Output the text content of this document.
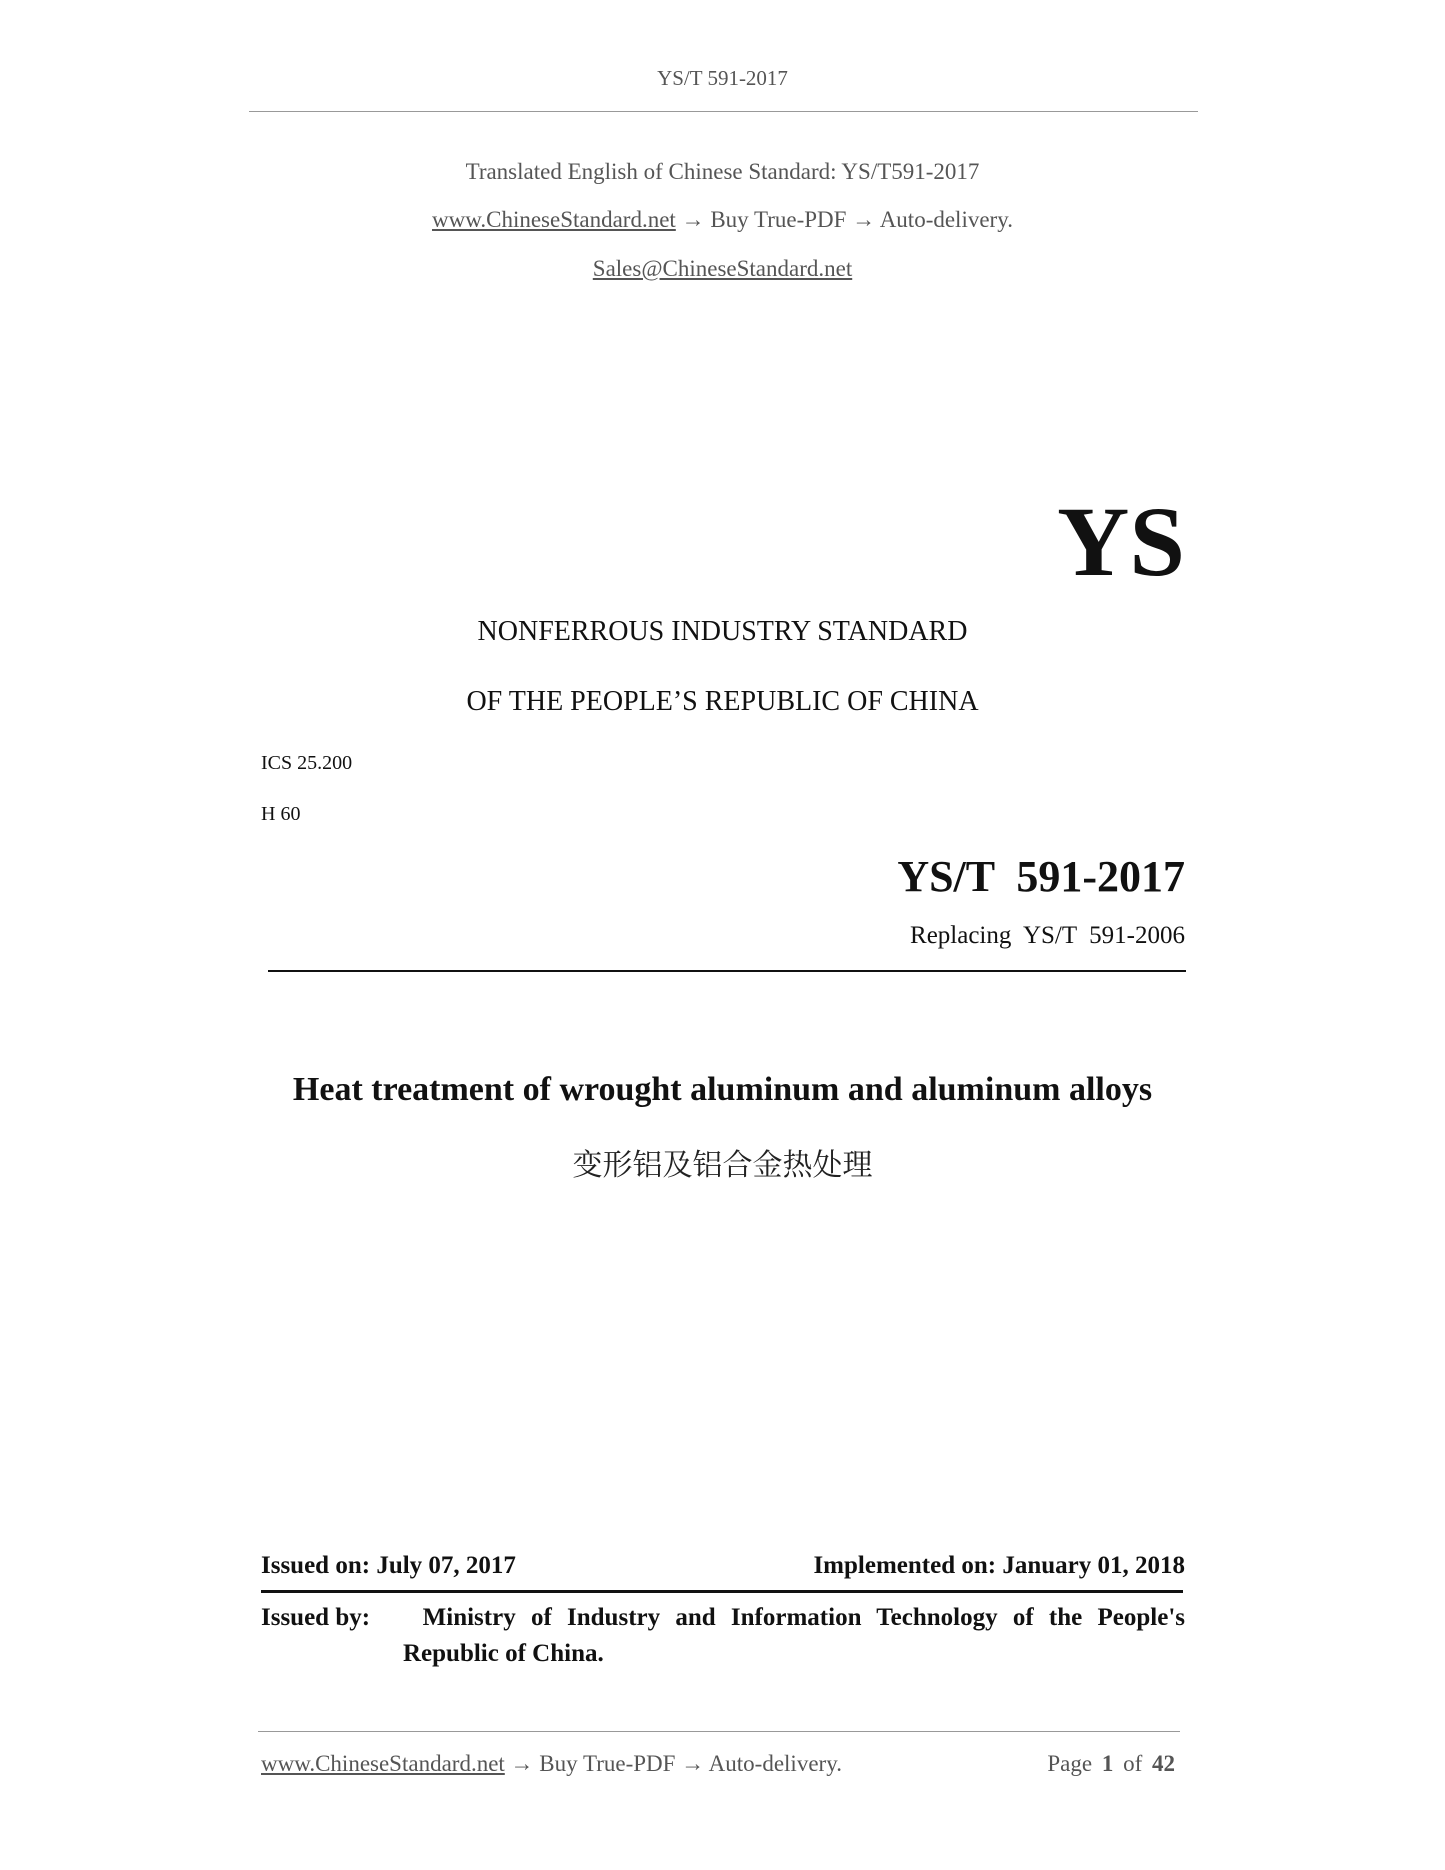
YS/T 591-2017
Translated English of Chinese Standard: YS/T591-2017
www.ChineseStandard.net → Buy True-PDF → Auto-delivery.
Sales@ChineseStandard.net
YS
NONFERROUS INDUSTRY STANDARD
OF THE PEOPLE’S REPUBLIC OF CHINA
ICS 25.200
H 60
YS/T  591-2017
Replacing  YS/T  591-2006
Heat treatment of wrought aluminum and aluminum alloys
变形铝及铝合金热处理
Issued on: July 07, 2017	Implemented on: January 01, 2018
Issued by: Ministry of Industry and Information Technology of the People's
Republic of China.
www.ChineseStandard.net → Buy True-PDF → Auto-delivery.	Page 1 of 42
